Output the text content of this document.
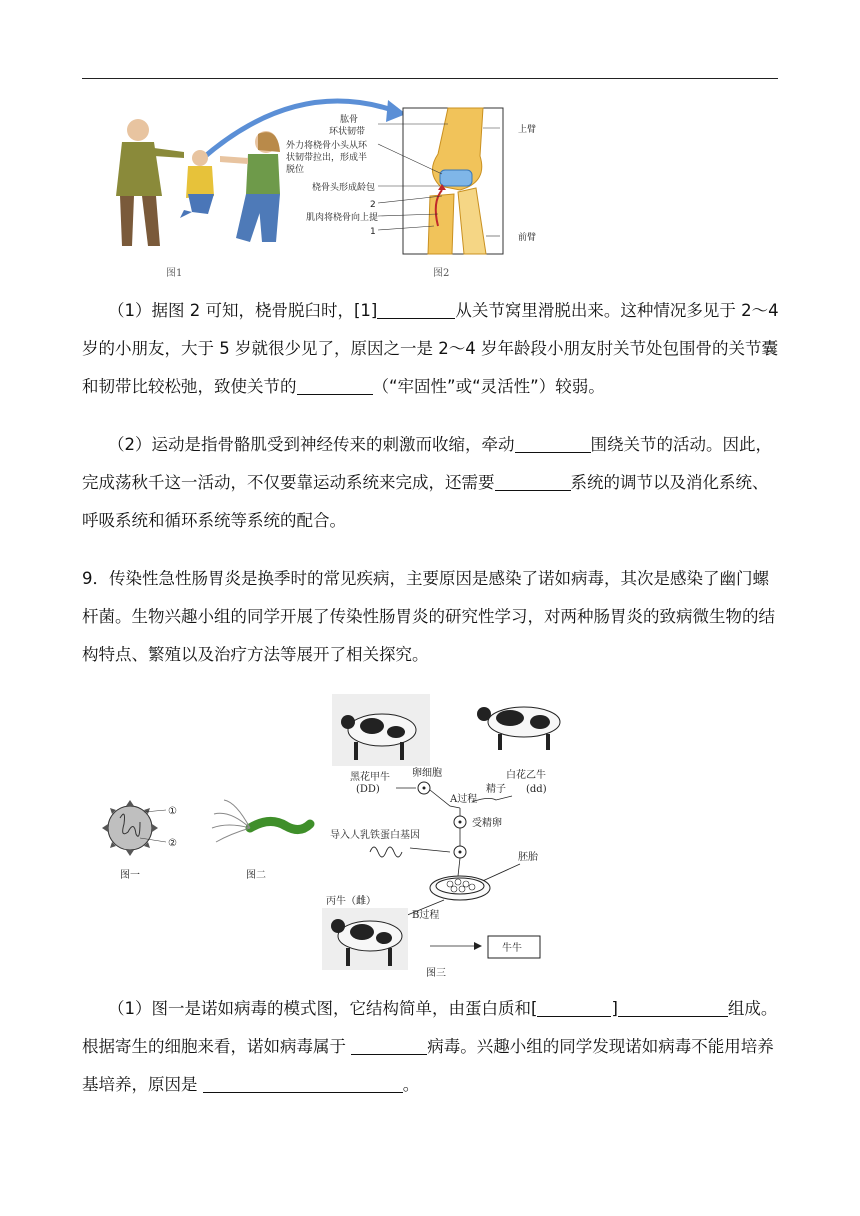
肱骨
环状韧带
外力将桡骨小头从环
状韧带拉出，形成半
脱位
桡骨头形成龄包
2
肌肉将桡骨向上提
1
图1	图2
上臂
前臂

（1）据图 2 可知，桡骨脱臼时，[1]	从关节窝里滑脱出来。这种情况多见于 2～4 岁的小朋友，大于 5 岁就很少见了，原因之一是 2～4 岁年龄段小朋友肘关节处包围骨的关节囊和韧带比较松弛，致使关节的	（“牢固性”或“灵活性”）较弱。

（2）运动是指骨骼肌受到神经传来的刺激而收缩，牵动	围绕关节的活动。因此，完成荡秋千这一活动，不仅要靠运动系统来完成，还需要	系统的调节以及消化系统、呼吸系统和循环系统等系统的配合。

9．传染性急性肠胃炎是换季时的常见疾病，主要原因是感染了诺如病毒，其次是感染了幽门螺杆菌。生物兴趣小组的同学开展了传染性肠胃炎的研究性学习，对两种肠胃炎的致病微生物的结构特点、繁殖以及治疗方法等展开了相关探究。

①
②
图一	图二
黑花甲牛
(DD)
卵细胞	白花乙牛
(dd)
A过程
精子
受精卵
导入人乳铁蛋白基因
胚胎
丙牛（雌）
B过程
牛牛
图三

（1）图一是诺如病毒的模式图，它结构简单，由蛋白质和[	]	组成。根据寄生的细胞来看，诺如病毒属于	病毒。兴趣小组的同学发现诺如病毒不能用培养基培养，原因是	。
